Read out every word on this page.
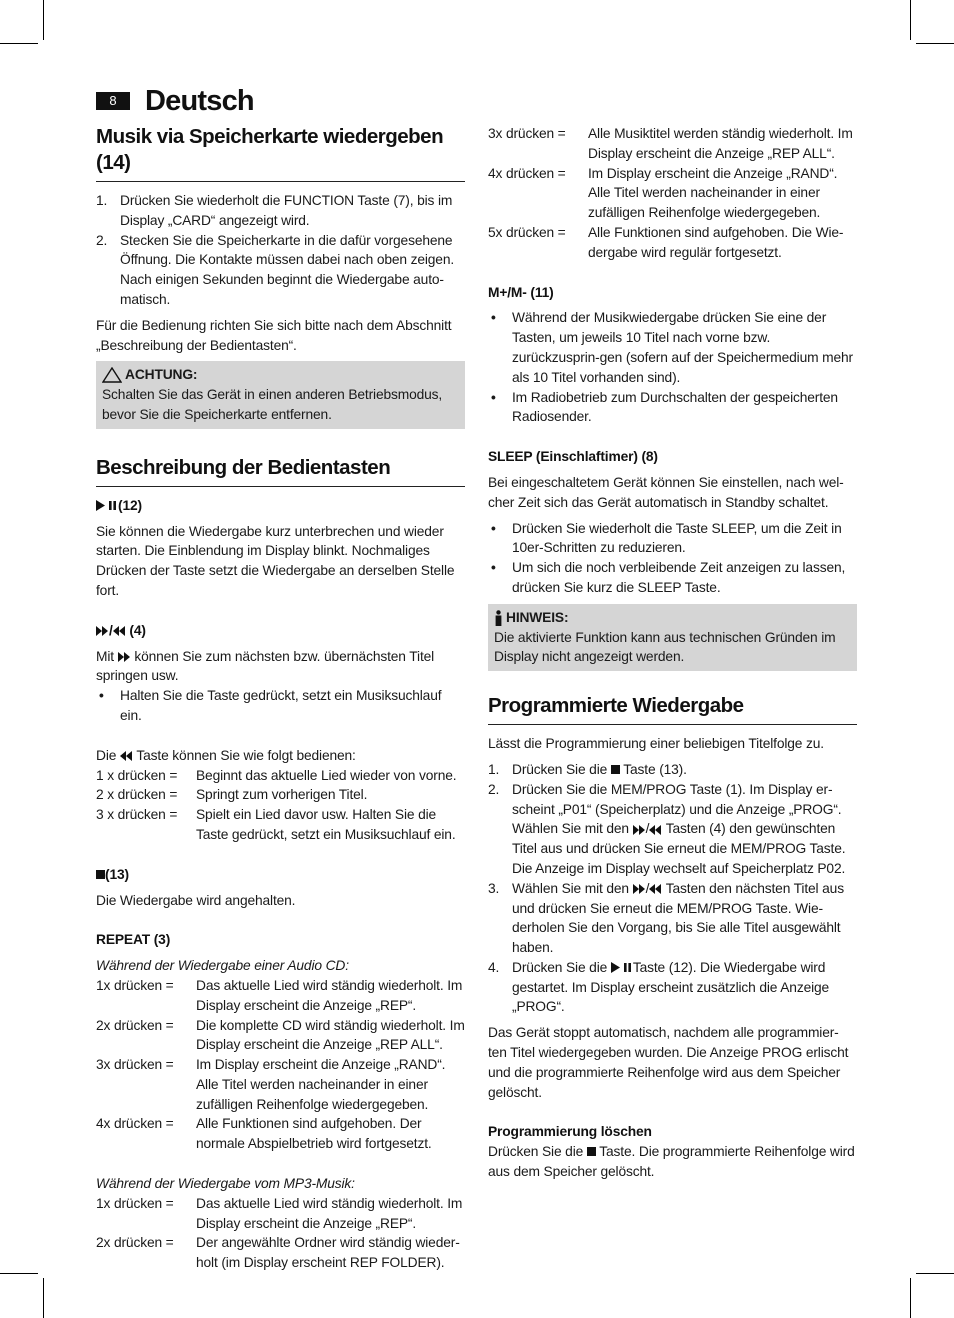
8 Deutsch
Musik via Speicherkarte wiedergeben (14)
1. Drücken Sie wiederholt die FUNCTION Taste (7), bis im Display „CARD“ angezeigt wird.
2. Stecken Sie die Speicherkarte in die dafür vorgesehene Öffnung. Die Kontakte müssen dabei nach oben zeigen. Nach einigen Sekunden beginnt die Wiedergabe auto-matisch.
Für die Bedienung richten Sie sich bitte nach dem Abschnitt „Beschreibung der Bedientasten“.
ACHTUNG:
Schalten Sie das Gerät in einen anderen Betriebsmodus, bevor Sie die Speicherkarte entfernen.
Beschreibung der Bedientasten
(12)
Sie können die Wiedergabe kurz unterbrechen und wieder starten. Die Einblendung im Display blinkt. Nochmaliges Drücken der Taste setzt die Wiedergabe an derselben Stelle fort.
/ (4)
Mit können Sie zum nächsten bzw. übernächsten Titel springen usw.
• Halten Sie die Taste gedrückt, setzt ein Musiksuchlauf ein.
Die Taste können Sie wie folgt bedienen:
1 x drücken =	Beginnt das aktuelle Lied wieder von vorne.
2 x drücken =	Springt zum vorherigen Titel.
3 x drücken =	Spielt ein Lied davor usw. Halten Sie die Taste gedrückt, setzt ein Musiksuchlauf ein.
(13)
Die Wiedergabe wird angehalten.
REPEAT (3)
Während der Wiedergabe einer Audio CD:
1x drücken =	Das aktuelle Lied wird ständig wiederholt. Im Display erscheint die Anzeige „REP“.
2x drücken =	Die komplette CD wird ständig wiederholt. Im Display erscheint die Anzeige „REP ALL“.
3x drücken =	Im Display erscheint die Anzeige „RAND“. Alle Titel werden nacheinander in einer zufälligen Reihenfolge wiedergegeben.
4x drücken =	Alle Funktionen sind aufgehoben. Der normale Abspielbetrieb wird fortgesetzt.
Während der Wiedergabe vom MP3-Musik:
1x drücken =	Das aktuelle Lied wird ständig wiederholt. Im Display erscheint die Anzeige „REP“.
2x drücken =	Der angewählte Ordner wird ständig wieder-holt (im Display erscheint REP FOLDER).
3x drücken =	Alle Musiktitel werden ständig wiederholt. Im Display erscheint die Anzeige „REP ALL“.
4x drücken =	Im Display erscheint die Anzeige „RAND“. Alle Titel werden nacheinander in einer zufälligen Reihenfolge wiedergegeben.
5x drücken =	Alle Funktionen sind aufgehoben. Die Wie-dergabe wird regulär fortgesetzt.
M+/M- (11)
• Während der Musikwiedergabe drücken Sie eine der Tasten, um jeweils 10 Titel nach vorne bzw. zurückzusprin-gen (sofern auf der Speichermedium mehr als 10 Titel vorhanden sind).
• Im Radiobetrieb zum Durchschalten der gespeicherten Radiosender.
SLEEP (Einschlaftimer) (8)
Bei eingeschaltetem Gerät können Sie einstellen, nach wel-cher Zeit sich das Gerät automatisch in Standby schaltet.
• Drücken Sie wiederholt die Taste SLEEP, um die Zeit in 10er-Schritten zu reduzieren.
• Um sich die noch verbleibende Zeit anzeigen zu lassen, drücken Sie kurz die SLEEP Taste.
HINWEIS:
Die aktivierte Funktion kann aus technischen Gründen im Display nicht angezeigt werden.
Programmierte Wiedergabe
Lässt die Programmierung einer beliebigen Titelfolge zu.
1. Drücken Sie die Taste (13).
2. Drücken Sie die MEM/PROG Taste (1). Im Display er-scheint „P01“ (Speicherplatz) und die Anzeige „PROG“. Wählen Sie mit den / Tasten (4) den gewünschten Titel aus und drücken Sie erneut die MEM/PROG Taste. Die Anzeige im Display wechselt auf Speicherplatz P02.
3. Wählen Sie mit den / Tasten den nächsten Titel aus und drücken Sie erneut die MEM/PROG Taste. Wie-derholen Sie den Vorgang, bis Sie alle Titel ausgewählt haben.
4. Drücken Sie die Taste (12). Die Wiedergabe wird gestartet. Im Display erscheint zusätzlich die Anzeige „PROG“.
Das Gerät stoppt automatisch, nachdem alle programmier-ten Titel wiedergegeben wurden. Die Anzeige PROG erlischt und die programmierte Reihenfolge wird aus dem Speicher gelöscht.
Programmierung löschen
Drücken Sie die Taste. Die programmierte Reihenfolge wird aus dem Speicher gelöscht.
